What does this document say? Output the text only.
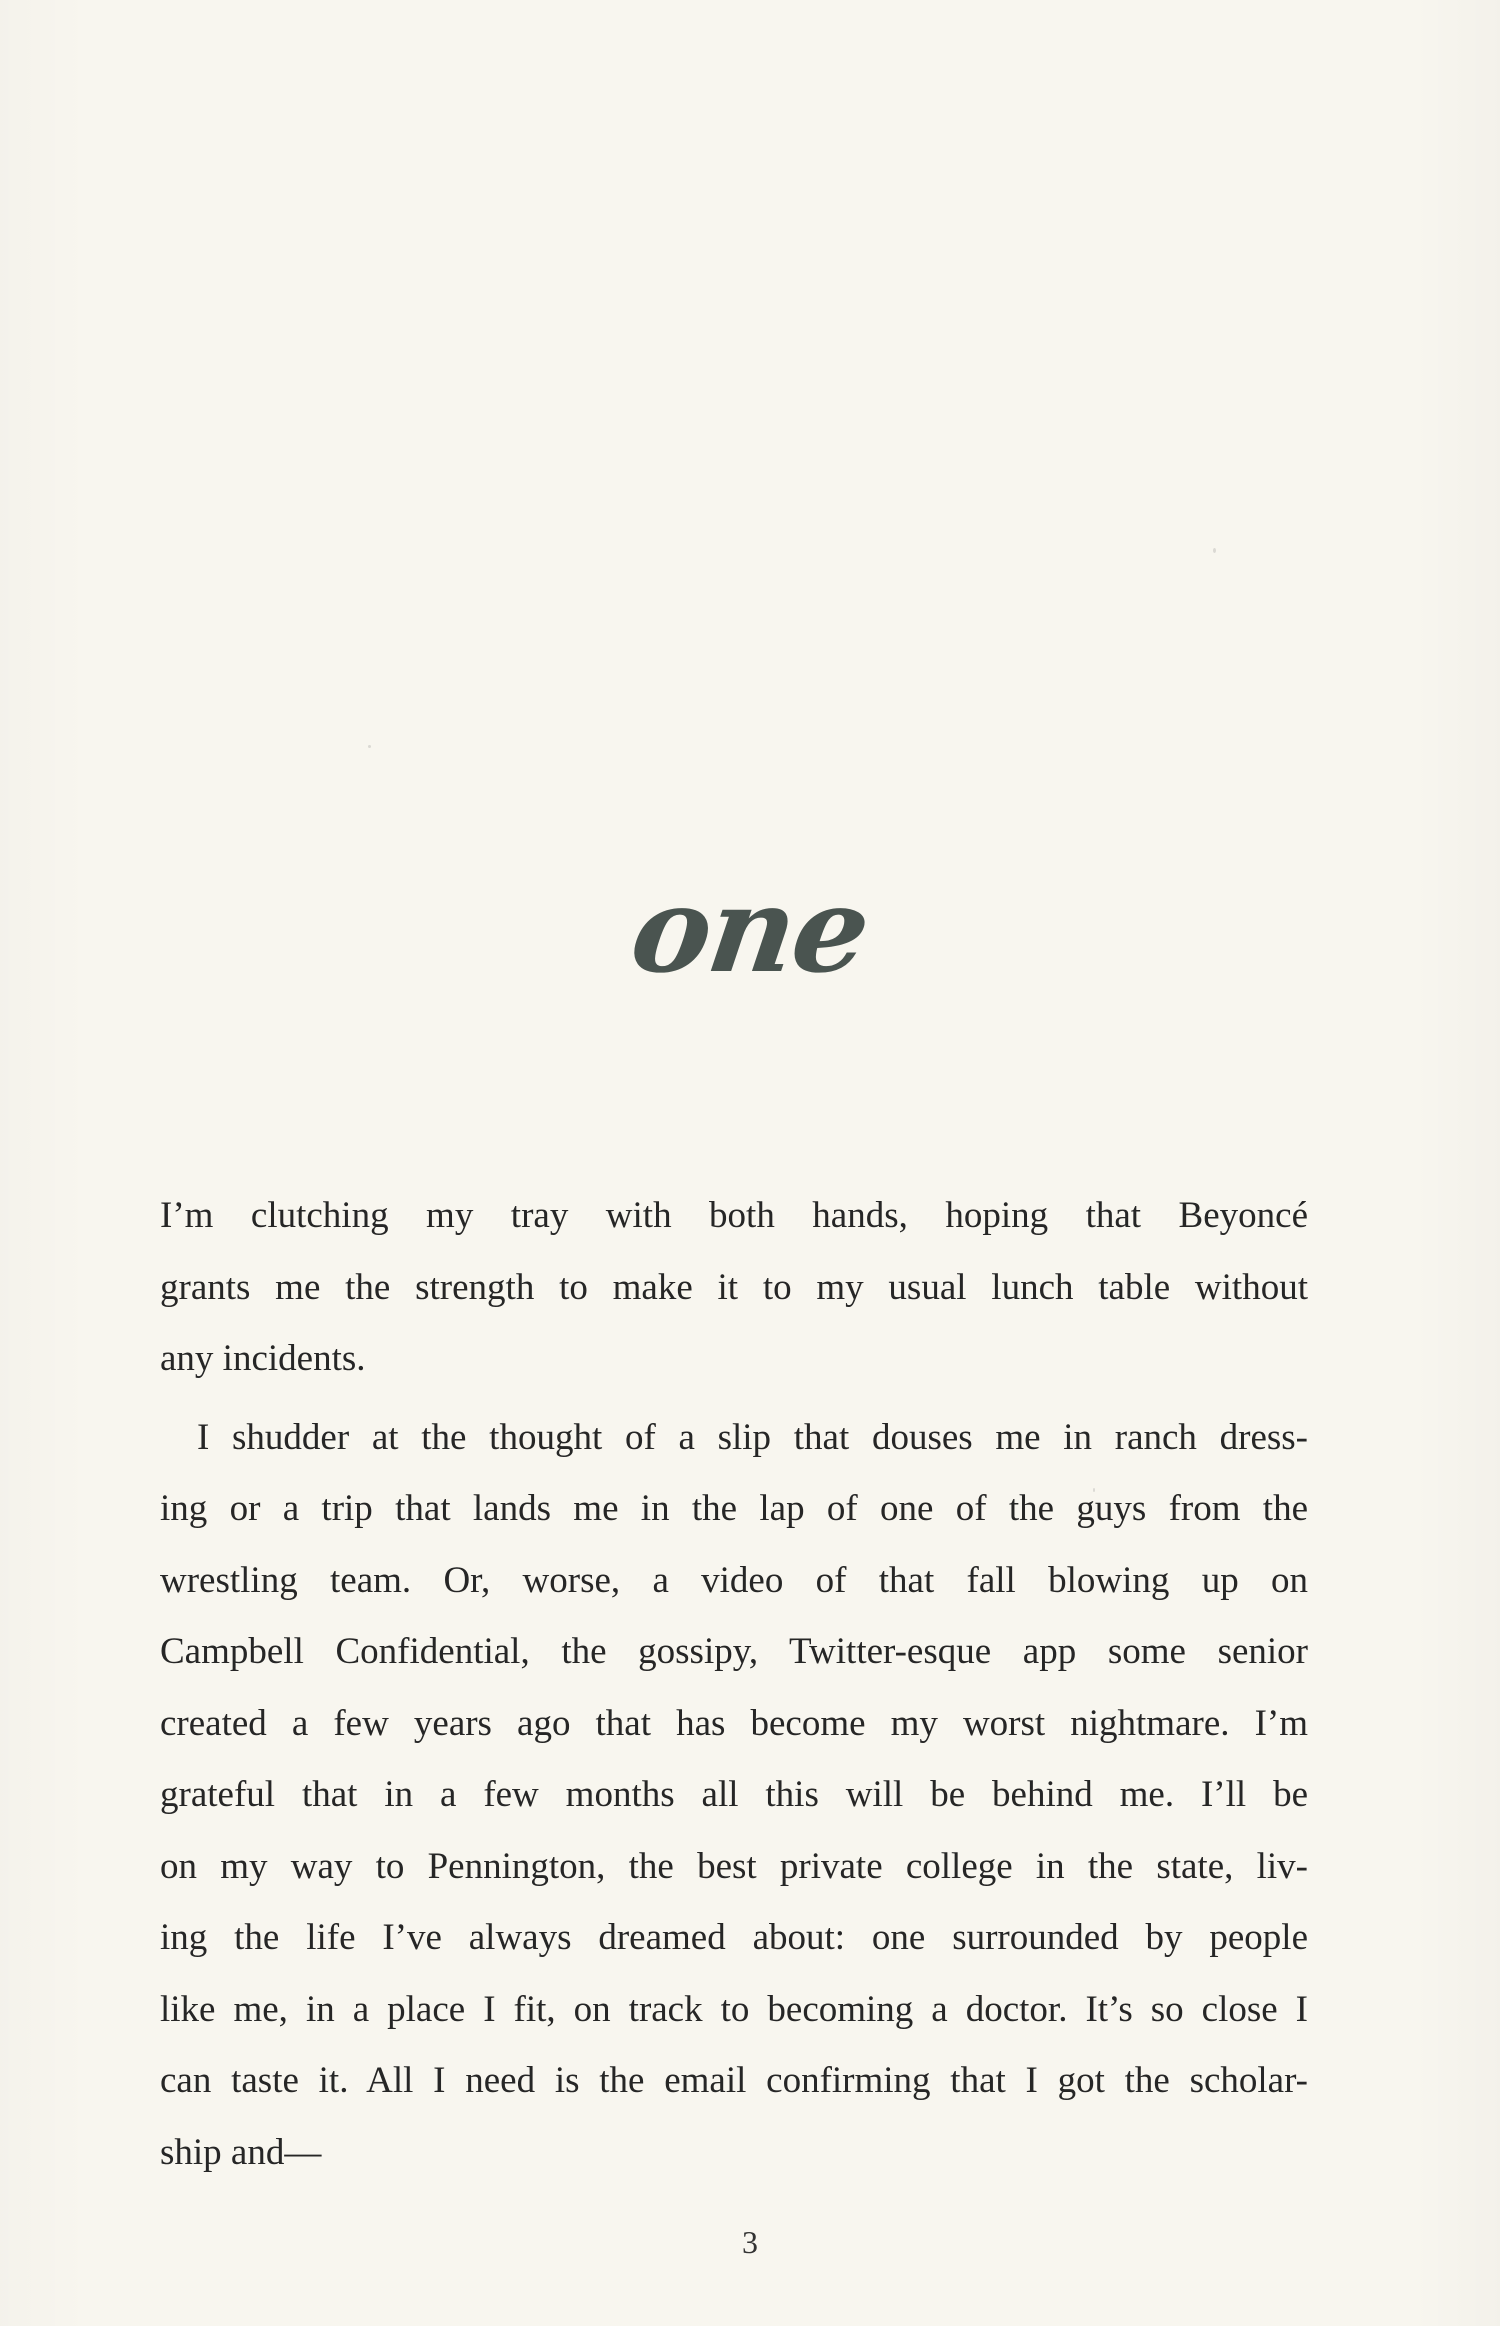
one

I’m clutching my tray with both hands, hoping that Beyoncé
grants me the strength to make it to my usual lunch table without
any incidents.

I shudder at the thought of a slip that douses me in ranch dress-
ing or a trip that lands me in the lap of one of the guys from the
wrestling team. Or, worse, a video of that fall blowing up on
Campbell Confidential, the gossipy, Twitter-esque app some senior
created a few years ago that has become my worst nightmare. I’m
grateful that in a few months all this will be behind me. I’ll be
on my way to Pennington, the best private college in the state, liv-
ing the life I’ve always dreamed about: one surrounded by people
like me, in a place I fit, on track to becoming a doctor. It’s so close I
can taste it. All I need is the email confirming that I got the scholar-
ship and—

3
